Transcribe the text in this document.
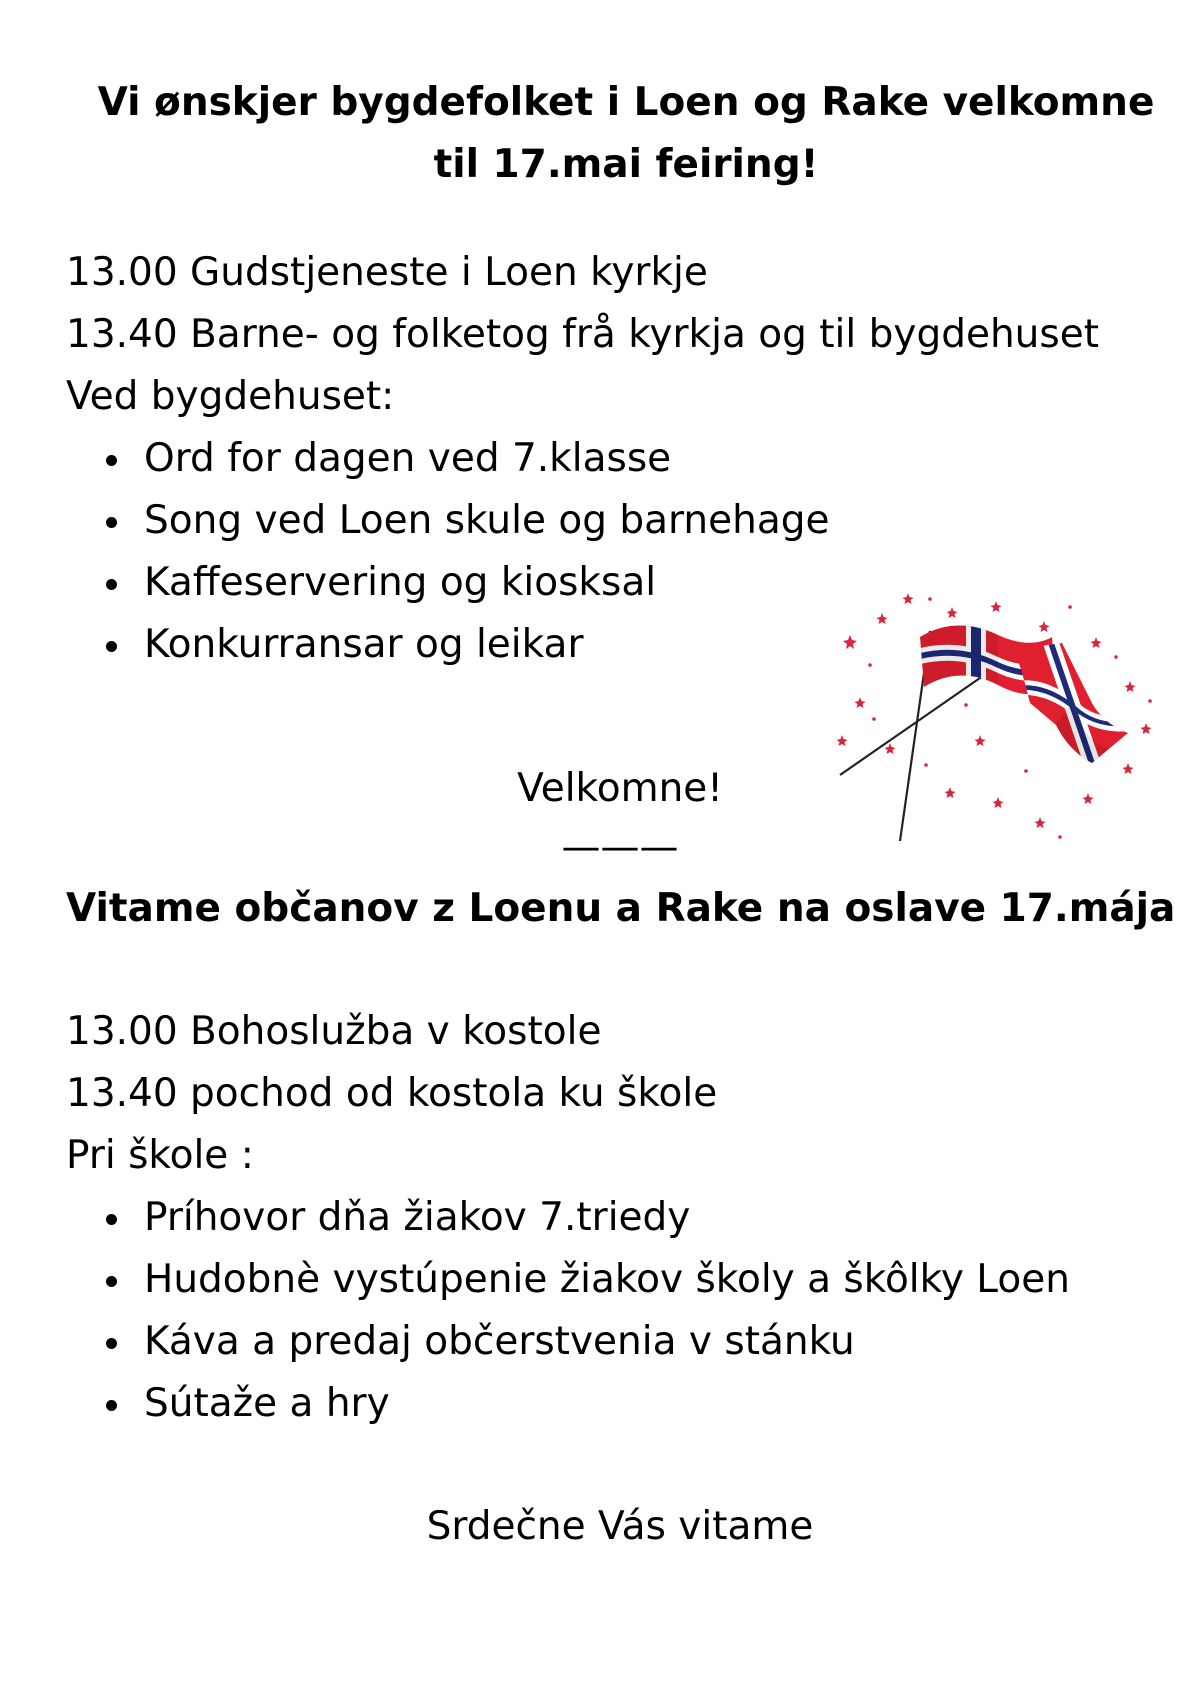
Vi ønskjer bygdefolket i Loen og Rake velkomne
til 17.mai feiring!
13.00 Gudstjeneste i Loen kyrkje
13.40 Barne- og folketog frå kyrkja og til bygdehuset
Ved bygdehuset:
Ord for dagen ved 7.klasse
Song ved Loen skule og barnehage
Kaffeservering og kiosksal
Konkurransar og leikar

Velkomne!

———

Vitame občanov z Loenu a Rake na oslave 17.mája
13.00 Bohoslužba v kostole
13.40 pochod od kostola ku škole
Pri škole :
Príhovor dňa žiakov 7.triedy
Hudobnè vystúpenie žiakov školy a škôlky Loen
Káva a predaj občerstvenia v stánku
Sútaže a hry

Srdečne Vás vitame
